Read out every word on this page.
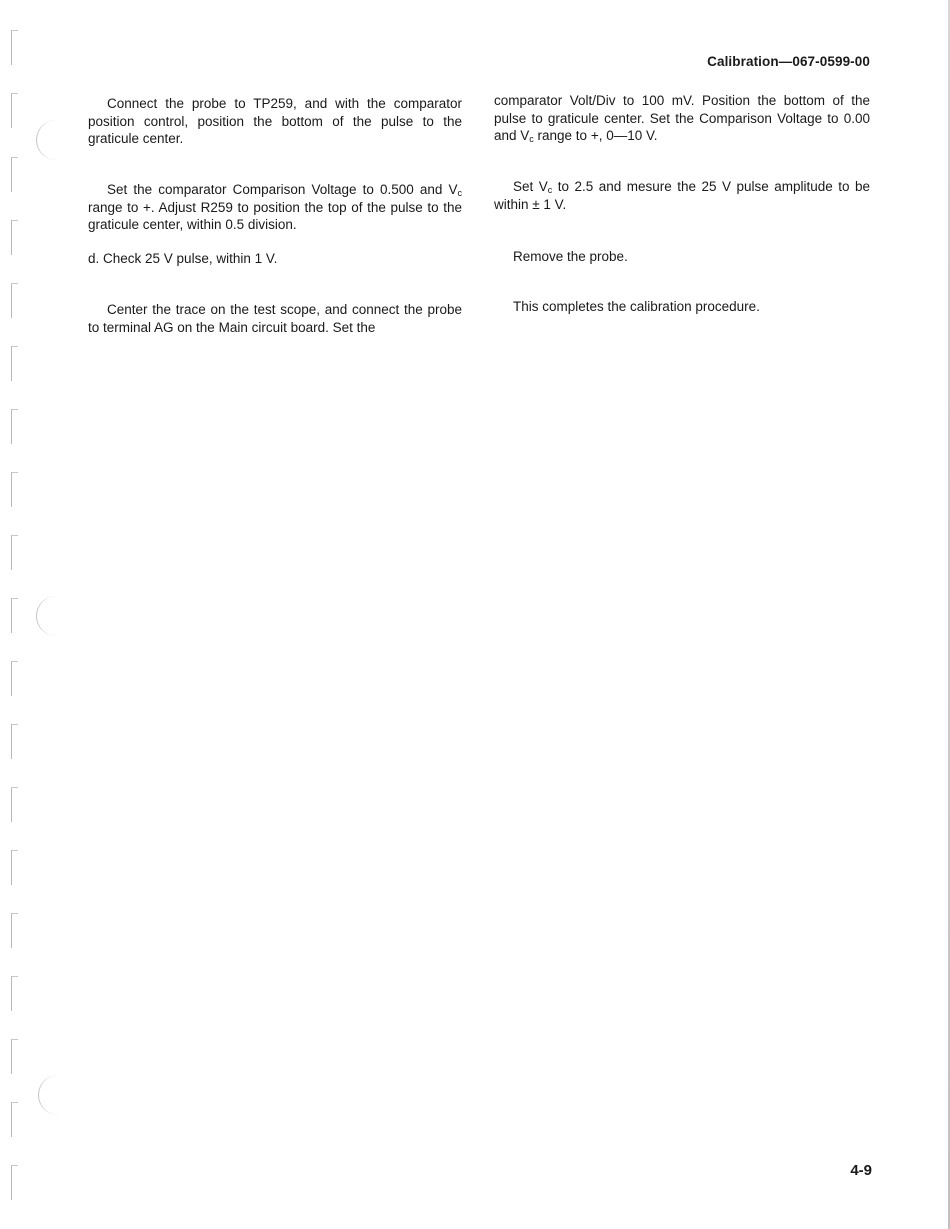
Calibration—067-0599-00

Connect the probe to TP259, and with the comparator position control, position the bottom of the pulse to the graticule center.

Set the comparator Comparison Voltage to 0.500 and $V_c$ range to +. Adjust R259 to position the top of the pulse to the graticule center, within 0.5 division.

d. Check 25 V pulse, within 1 V.

Center the trace on the test scope, and connect the probe to terminal AG on the Main circuit board. Set the

comparator Volt/Div to 100 mV. Position the bottom of the pulse to graticule center. Set the Comparison Voltage to 0.00 and $V_c$ range to +, 0—10 V.

Set $V_c$ to 2.5 and mesure the 25 V pulse amplitude to be within ± 1 V.

Remove the probe.

This completes the calibration procedure.

4-9
